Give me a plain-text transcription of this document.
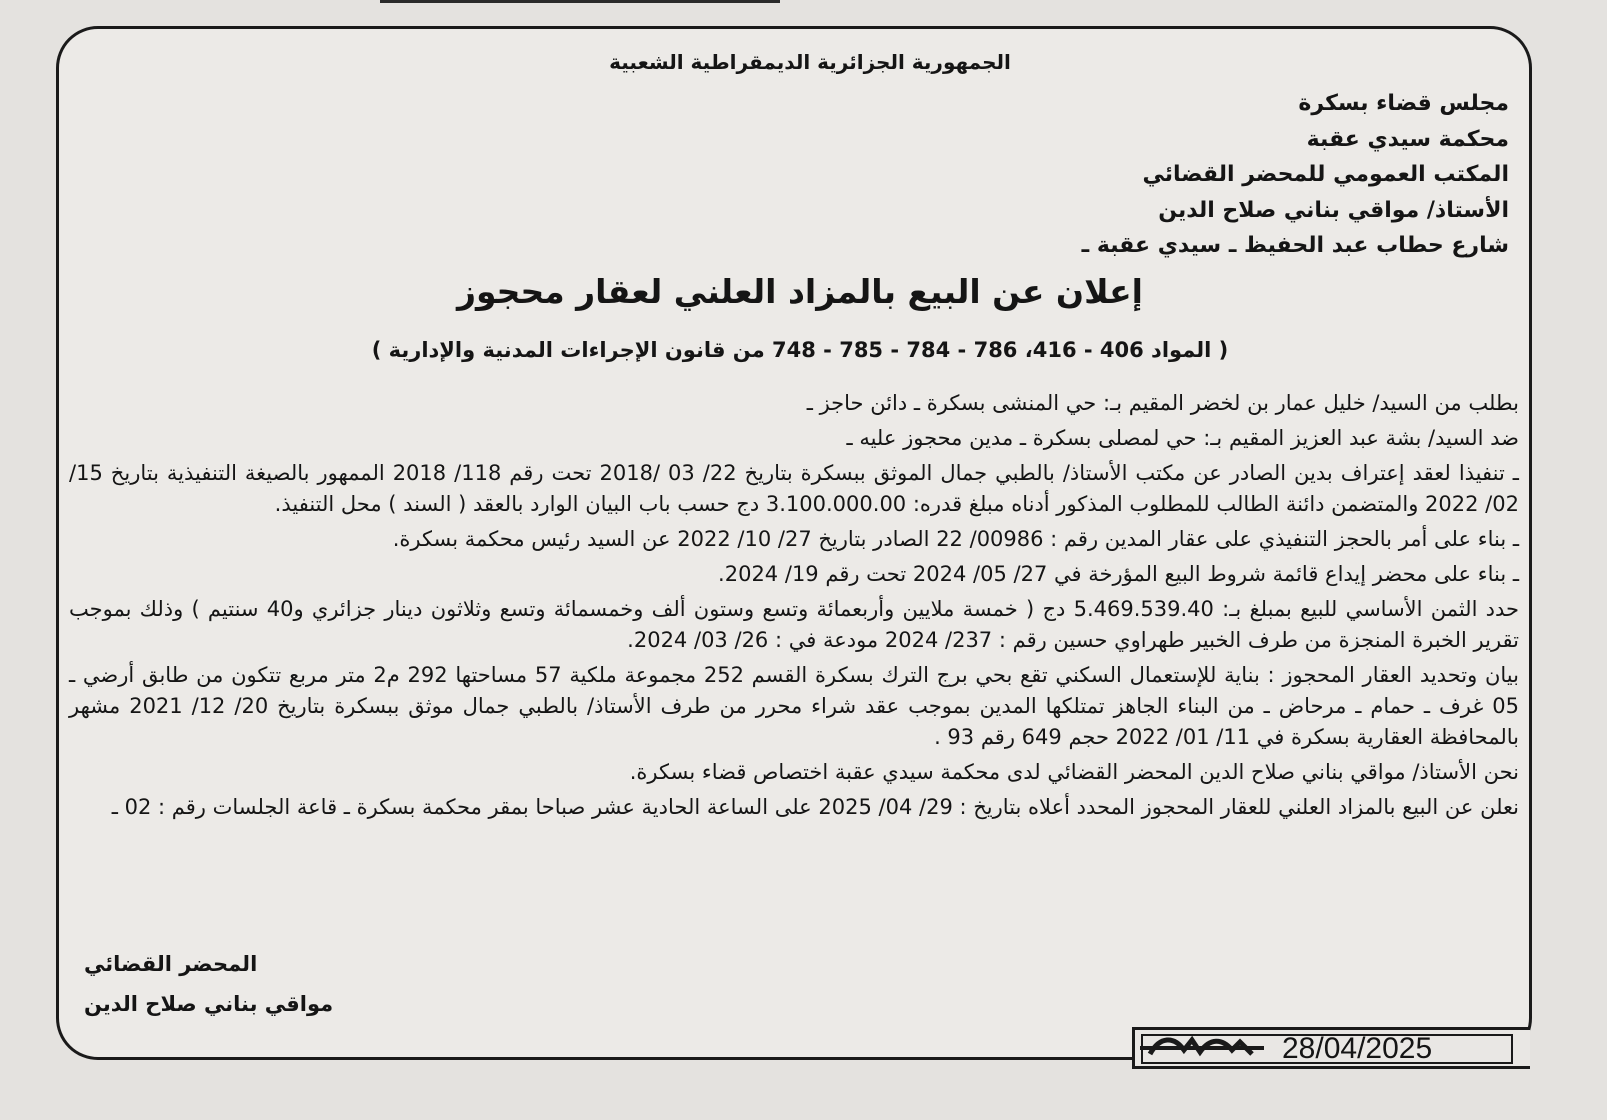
الجمهورية الجزائرية الديمقراطية الشعبية
مجلس قضاء بسكرة
محكمة سيدي عقبة
المكتب العمومي للمحضر القضائي
الأستاذ/ مواقي بناني صلاح الدين
شارع حطاب عبد الحفيظ ـ سيدي عقبة ـ
إعلان عن البيع بالمزاد العلني لعقار محجوز
( المواد 406 - 416، 786 - 784 - 785 - 748 من قانون الإجراءات المدنية والإدارية )

بطلب من السيد/ خليل عمار بن لخضر المقيم بـ: حي المنشى بسكرة ـ دائن حاجز ـ

ضد السيد/ بشة عبد العزيز المقيم بـ: حي لمصلى بسكرة ـ مدين محجوز عليه ـ

ـ تنفيذا لعقد إعتراف بدين الصادر عن مكتب الأستاذ/ بالطبي جمال الموثق ببسكرة بتاريخ 22/ 03 /2018 تحت رقم 118/ 2018 الممهور بالصيغة التنفيذية بتاريخ 15/ 02/ 2022 والمتضمن دائنة الطالب للمطلوب المذكور أدناه مبلغ قدره: 3.100.000.00 دج حسب باب البيان الوارد بالعقد ( السند ) محل التنفيذ.

ـ بناء على أمر بالحجز التنفيذي على عقار المدين رقم : 00986/ 22 الصادر بتاريخ 27/ 10/ 2022 عن السيد رئيس محكمة بسكرة.

ـ بناء على محضر إيداع قائمة شروط البيع المؤرخة في 27/ 05/ 2024 تحت رقم 19/ 2024.

حدد الثمن الأساسي للبيع بمبلغ بـ: 5.469.539.40 دج ( خمسة ملايين وأربعمائة وتسع وستون ألف وخمسمائة وتسع وثلاثون دينار جزائري و40 سنتيم ) وذلك بموجب تقرير الخبرة المنجزة من طرف الخبير طهراوي حسين رقم : 237/ 2024 مودعة في : 26/ 03/ 2024.

بيان وتحديد العقار المحجوز : بناية للإستعمال السكني تقع بحي برج الترك بسكرة القسم 252 مجموعة ملكية 57 مساحتها 292 م2 متر مربع تتكون من طابق أرضي ـ 05 غرف ـ حمام ـ مرحاض ـ من البناء الجاهز تمتلكها المدين بموجب عقد شراء محرر من طرف الأستاذ/ بالطبي جمال موثق ببسكرة بتاريخ 20/ 12/ 2021 مشهر بالمحافظة العقارية بسكرة في 11/ 01/ 2022 حجم 649 رقم 93 .

نحن الأستاذ/ مواقي بناني صلاح الدين المحضر القضائي لدى محكمة سيدي عقبة اختصاص قضاء بسكرة.

نعلن عن البيع بالمزاد العلني للعقار المحجوز المحدد أعلاه بتاريخ : 29/ 04/ 2025 على الساعة الحادية عشر صباحا بمقر محكمة بسكرة ـ قاعة الجلسات رقم : 02 ـ

المحضر القضائي
مواقي بناني صلاح الدين
28/04/2025
